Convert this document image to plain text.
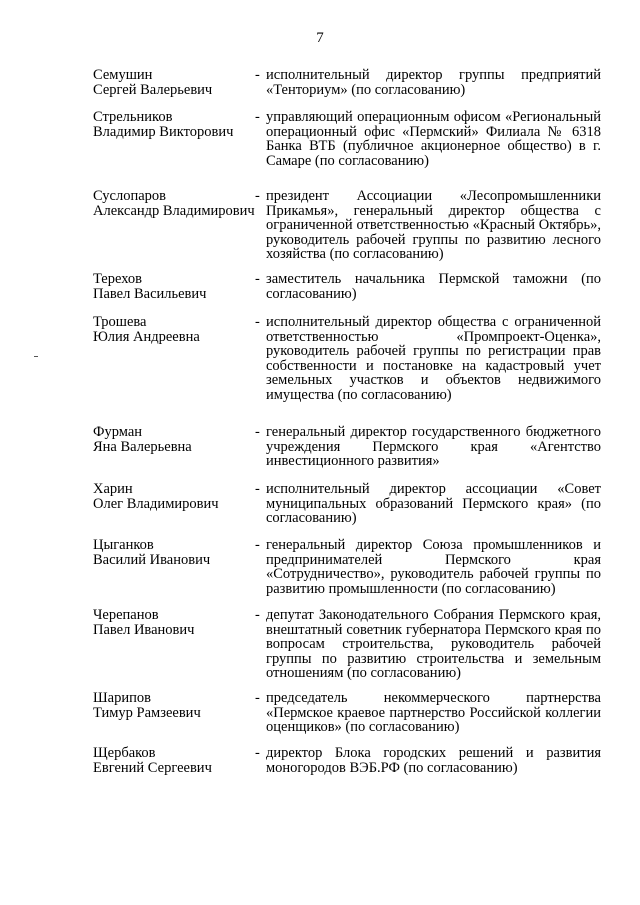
7
Семушин
Сергей Валерьевич
- исполнительный директор группы предприятий «Тенториум» (по согласованию)
Стрельников
Владимир Викторович
- управляющий операционным офисом «Региональный операционный офис «Пермский» Филиала № 6318 Банка ВТБ (публичное акционерное общество) в г. Самаре (по согласованию)
Суслопаров
Александр Владимирович
- президент Ассоциации «Лесопромышленники Прикамья», генеральный директор общества с ограниченной ответственностью «Красный Октябрь», руководитель рабочей группы по развитию лесного хозяйства (по согласованию)
Терехов
Павел Васильевич
- заместитель начальника Пермской таможни (по согласованию)
Трошева
Юлия Андреевна
- исполнительный директор общества с ограниченной ответственностью «Промпроект-Оценка», руководитель рабочей группы по регистрации прав собственности и постановке на кадастровый учет земельных участков и объектов недвижимого имущества (по согласованию)
Фурман
Яна Валерьевна
- генеральный директор государственного бюджетного учреждения Пермского края «Агентство инвестиционного развития»
Харин
Олег Владимирович
- исполнительный директор ассоциации «Совет муниципальных образований Пермского края» (по согласованию)
Цыганков
Василий Иванович
- генеральный директор Союза промышленников и предпринимателей Пермского края «Сотрудничество», руководитель рабочей группы по развитию промышленности (по согласованию)
Черепанов
Павел Иванович
- депутат Законодательного Собрания Пермского края, внештатный советник губернатора Пермского края по вопросам строительства, руководитель рабочей группы по развитию строительства и земельным отношениям (по согласованию)
Шарипов
Тимур Рамзеевич
- председатель некоммерческого партнерства «Пермское краевое партнерство Российской коллегии оценщиков» (по согласованию)
Щербаков
Евгений Сергеевич
- директор Блока городских решений и развития моногородов ВЭБ.РФ (по согласованию)
